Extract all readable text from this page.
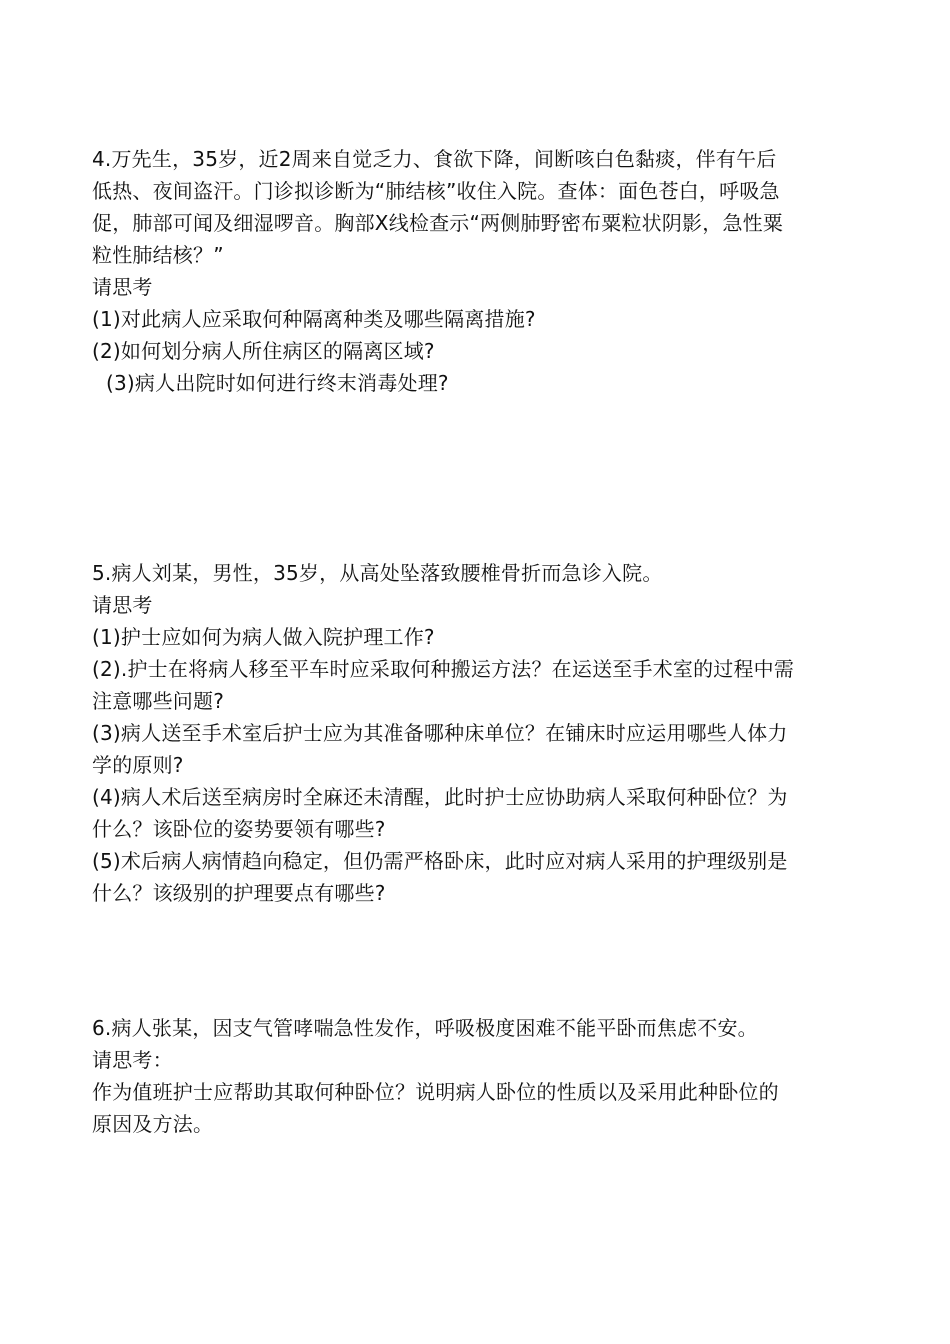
4.万先生，35岁，近2周来自觉乏力、食欲下降，间断咳白色黏痰，伴有午后
低热、夜间盗汗。门诊拟诊断为“肺结核”收住入院。查体：面色苍白，呼吸急
促，肺部可闻及细湿啰音。胸部X线检查示“两侧肺野密布粟粒状阴影，急性粟
粒性肺结核？”
请思考
(1)对此病人应采取何种隔离种类及哪些隔离措施?
(2)如何划分病人所住病区的隔离区域?
(3)病人出院时如何进行终末消毒处理?
5.病人刘某，男性，35岁，从高处坠落致腰椎骨折而急诊入院。
请思考
(1)护士应如何为病人做入院护理工作?
(2).护士在将病人移至平车时应采取何种搬运方法？在运送至手术室的过程中需
注意哪些问题?
(3)病人送至手术室后护士应为其准备哪种床单位？在铺床时应运用哪些人体力
学的原则?
(4)病人术后送至病房时全麻还未清醒，此时护士应协助病人采取何种卧位？为
什么？该卧位的姿势要领有哪些?
(5)术后病人病情趋向稳定，但仍需严格卧床，此时应对病人采用的护理级别是
什么？该级别的护理要点有哪些?
6.病人张某，因支气管哮喘急性发作，呼吸极度困难不能平卧而焦虑不安。
请思考：
作为值班护士应帮助其取何种卧位？说明病人卧位的性质以及采用此种卧位的
原因及方法。
